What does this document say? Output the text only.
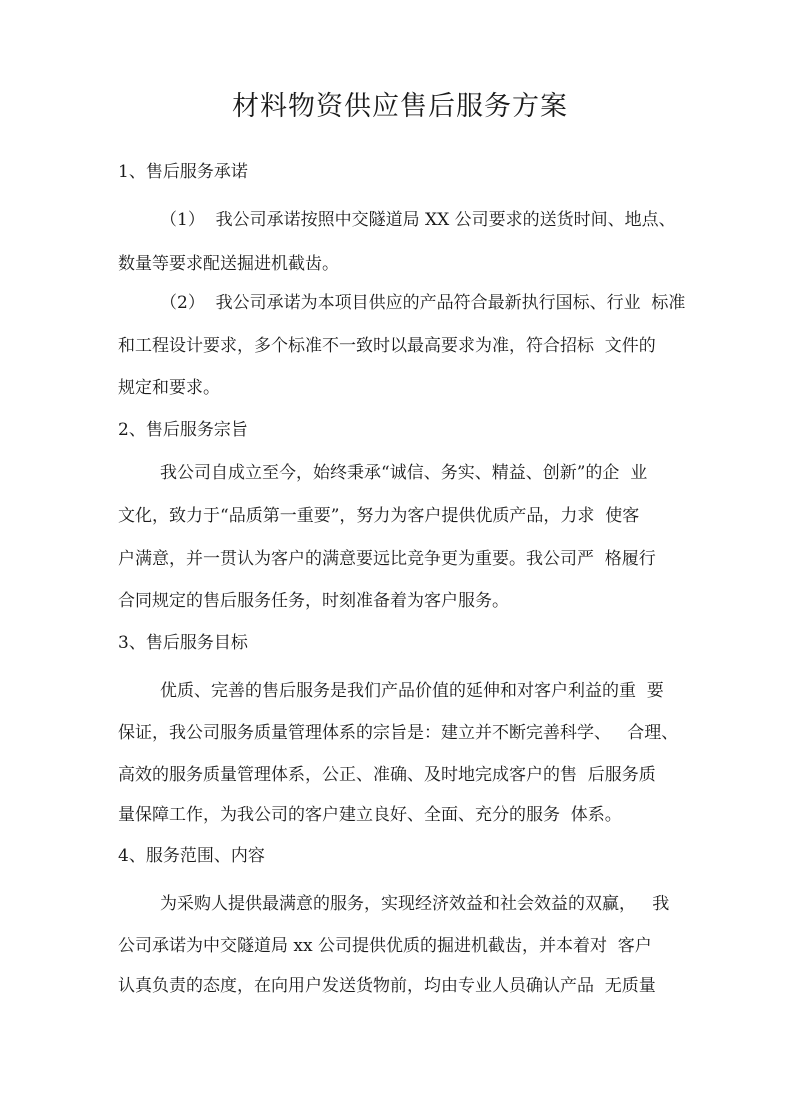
材料物资供应售后服务方案
1、售后服务承诺
（1）  我公司承诺按照中交隧道局 XX 公司要求的送货时间、地点、
数量等要求配送掘进机截齿。
（2）  我公司承诺为本项目供应的产品符合最新执行国标、行业  标准
和工程设计要求，多个标准不一致时以最高要求为准，符合招标  文件的
规定和要求。
2、售后服务宗旨
我公司自成立至今，始终秉承“诚信、务实、精益、创新”的企  业
文化，致力于“品质第一重要”，努力为客户提供优质产品，力求  使客
户满意，并一贯认为客户的满意要远比竞争更为重要。我公司严  格履行
合同规定的售后服务任务，时刻准备着为客户服务。
3、售后服务目标
优质、完善的售后服务是我们产品价值的延伸和对客户利益的重  要
保证，我公司服务质量管理体系的宗旨是：建立并不断完善科学、   合理、
高效的服务质量管理体系，公正、准确、及时地完成客户的售  后服务质
量保障工作，为我公司的客户建立良好、全面、充分的服务  体系。
4、服务范围、内容
为采购人提供最满意的服务，实现经济效益和社会效益的双赢，   我
公司承诺为中交隧道局 xx 公司提供优质的掘进机截齿，并本着对  客户
认真负责的态度，在向用户发送货物前，均由专业人员确认产品  无质量
